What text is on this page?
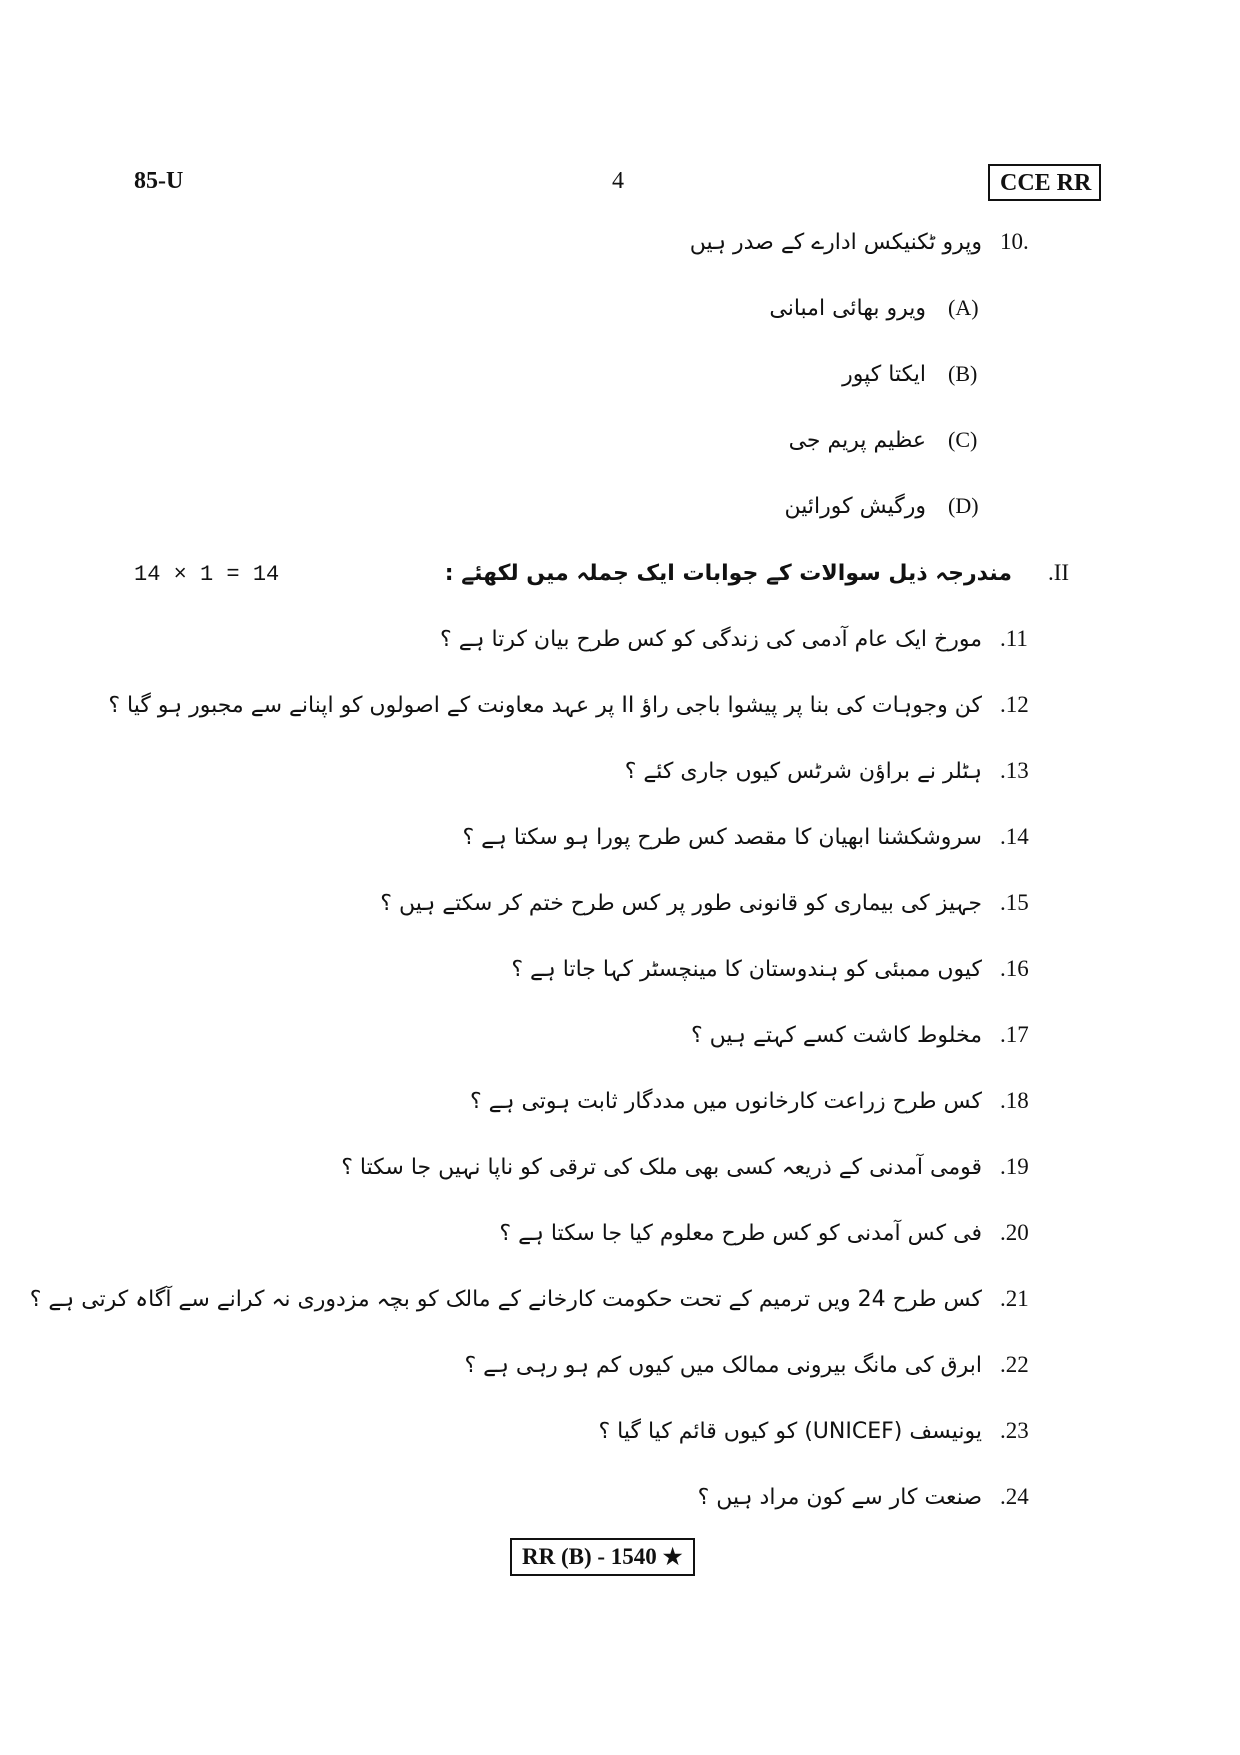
85-U	4	CCE RR
10.
وپرو ٹکنیکس ادارے کے صدر ہیں
(A)
ویرو بھائی امبانی
(B)
ایکتا کپور
(C)
عظیم پریم جی
(D)
ورگیش کورائین
14 × 1 = 14	.II
مندرجہ ذیل سوالات کے جوابات ایک جملہ میں لکھئے :
.11
مورخ ایک عام آدمی کی زندگی کو کس طرح بیان کرتا ہے ؟
.12
کن وجوہات کی بنا پر پیشوا باجی راؤ II پر عہد معاونت کے اصولوں کو اپنانے سے مجبور ہو گیا ؟
.13
ہٹلر نے براؤن شرٹس کیوں جاری کئے ؟
.14
سروشکشنا ابھیان کا مقصد کس طرح پورا ہو سکتا ہے ؟
.15
جہیز کی بیماری کو قانونی طور پر کس طرح ختم کر سکتے ہیں ؟
.16
کیوں ممبئی کو ہندوستان کا مینچسٹر کہا جاتا ہے ؟
.17
مخلوط کاشت کسے کہتے ہیں ؟
.18
کس طرح زراعت کارخانوں میں مددگار ثابت ہوتی ہے ؟
.19
قومی آمدنی کے ذریعہ کسی بھی ملک کی ترقی کو ناپا نہیں جا سکتا ؟
.20
فی کس آمدنی کو کس طرح معلوم کیا جا سکتا ہے ؟
.21
کس طرح 24 ویں ترمیم کے تحت حکومت کارخانے کے مالک کو بچہ مزدوری نہ کرانے سے آگاہ کرتی ہے ؟
.22
ابرق کی مانگ بیرونی ممالک میں کیوں کم ہو رہی ہے ؟
.23
یونیسف (UNICEF) کو کیوں قائم کیا گیا ؟
.24
صنعت کار سے کون مراد ہیں ؟
RR (B) - 1540 ★
